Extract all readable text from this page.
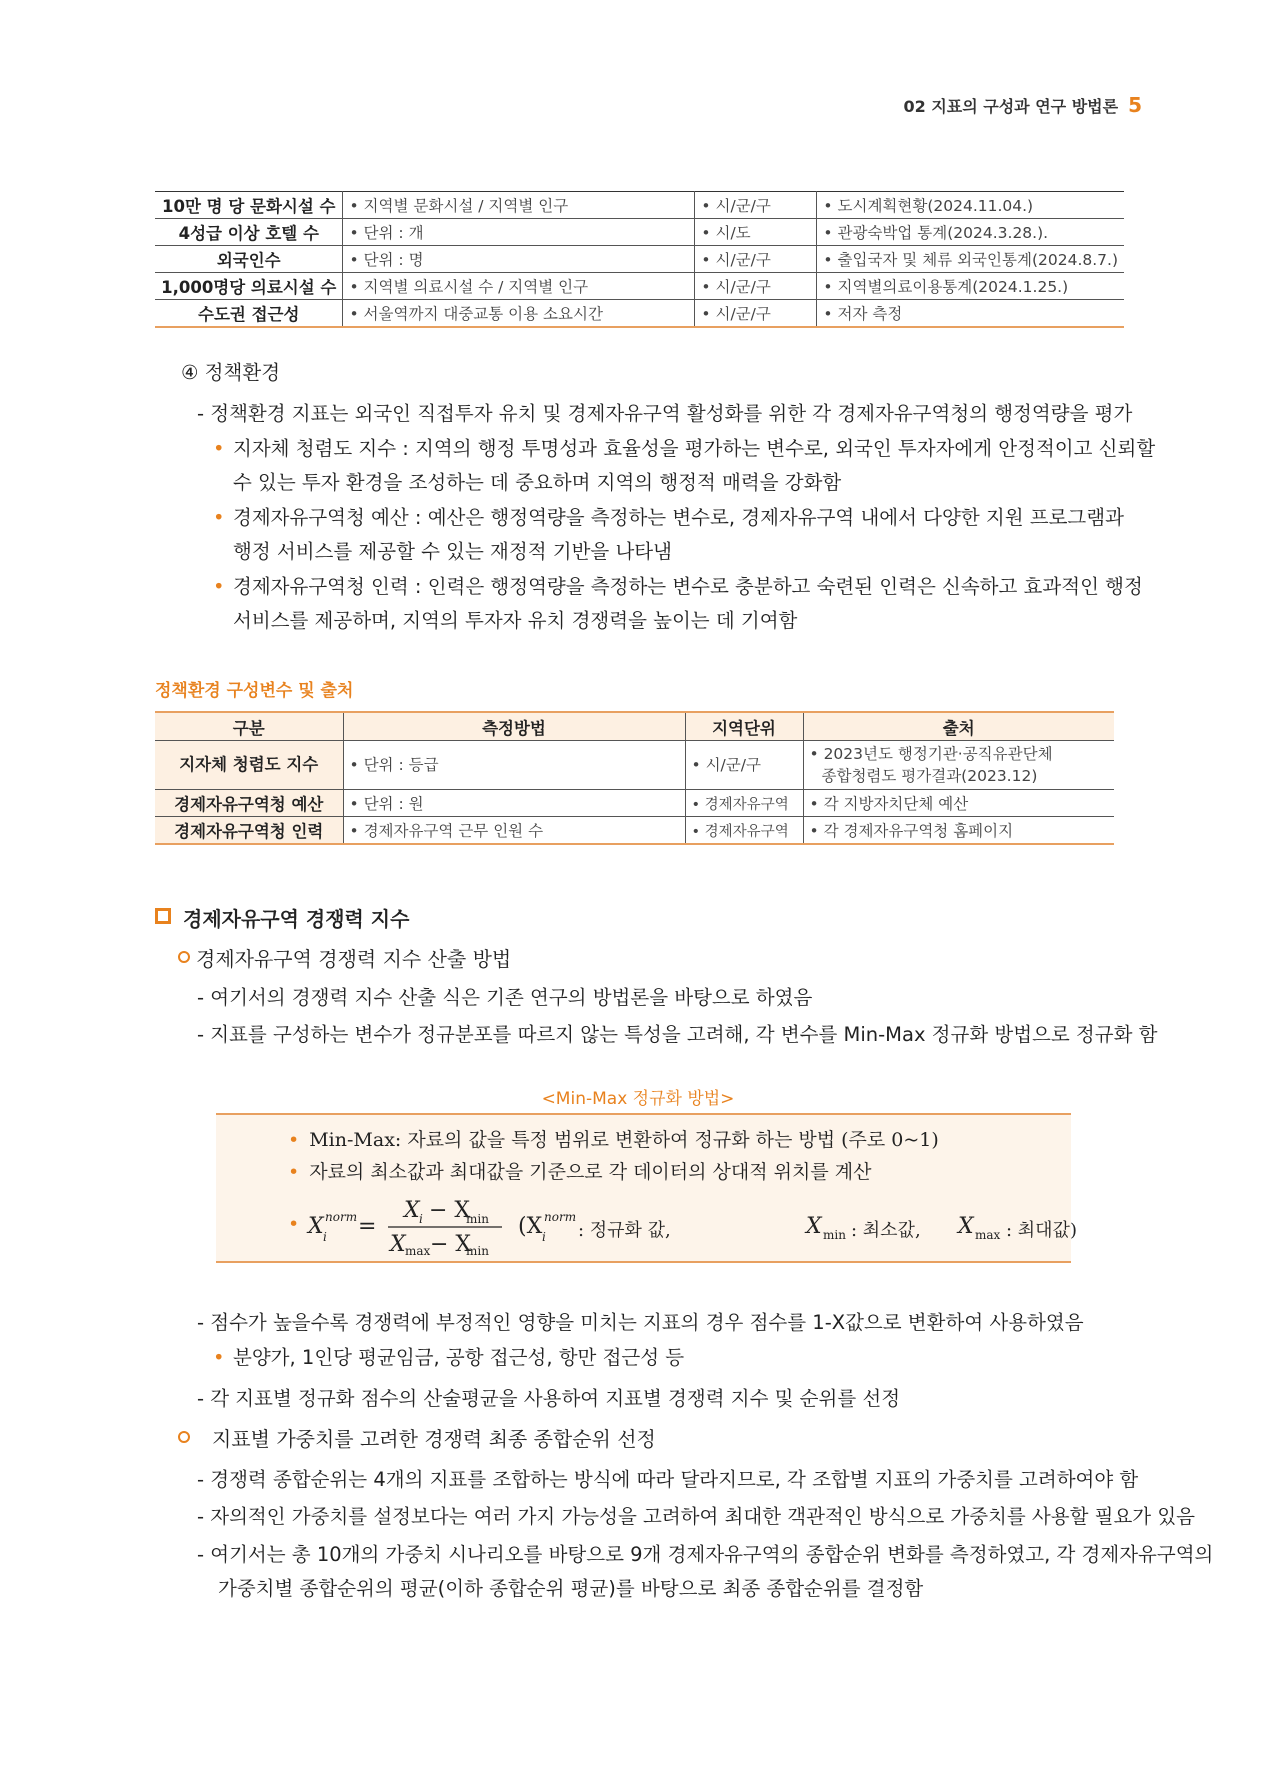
02 지표의 구성과 연구 방법론 5
10만 명 당 문화시설 수	• 지역별 문화시설 / 지역별 인구	• 시/군/구	• 도시계획현황(2024.11.04.)
4성급 이상 호텔 수	• 단위 : 개	• 시/도	• 관광숙박업 통계(2024.3.28.).
외국인수	• 단위 : 명	• 시/군/구	• 출입국자 및 체류 외국인통계(2024.8.7.)
1,000명당 의료시설 수	• 지역별 의료시설 수 / 지역별 인구	• 시/군/구	• 지역별의료이용통계(2024.1.25.)
수도권 접근성	• 서울역까지 대중교통 이용 소요시간	• 시/군/구	• 저자 측정
④ 정책환경
- 정책환경 지표는 외국인 직접투자 유치 및 경제자유구역 활성화를 위한 각 경제자유구역청의 행정역량을 평가
• 지자체 청렴도 지수 : 지역의 행정 투명성과 효율성을 평가하는 변수로, 외국인 투자자에게 안정적이고 신뢰할
수 있는 투자 환경을 조성하는 데 중요하며 지역의 행정적 매력을 강화함
• 경제자유구역청 예산 : 예산은 행정역량을 측정하는 변수로, 경제자유구역 내에서 다양한 지원 프로그램과
행정 서비스를 제공할 수 있는 재정적 기반을 나타냄
• 경제자유구역청 인력 : 인력은 행정역량을 측정하는 변수로 충분하고 숙련된 인력은 신속하고 효과적인 행정
서비스를 제공하며, 지역의 투자자 유치 경쟁력을 높이는 데 기여함
정책환경 구성변수 및 출처
구분	측정방법	지역단위	출처
지자체 청렴도 지수	• 단위 : 등급	• 시/군/구	• 2023년도 행정기관·공직유관단체
종합청렴도 평가결과(2023.12)

경제자유구역청 예산	• 단위 : 원	• 경제자유구역	• 각 지방자치단체 예산
경제자유구역청 인력	• 경제자유구역 근무 인원 수	• 경제자유구역	• 각 경제자유구역청 홈페이지
경제자유구역 경쟁력 지수
경제자유구역 경쟁력 지수 산출 방법
- 여기서의 경쟁력 지수 산출 식은 기존 연구의 방법론을 바탕으로 하였음
- 지표를 구성하는 변수가 정규분포를 따르지 않는 특성을 고려해, 각 변수를 Min-Max 정규화 방법으로 정규화 함
<Min-Max 정규화 방법>
• Min-Max: 자료의 값을 특정 범위로 변환하여 정규화 하는 방법 (주로 0~1)
• 자료의 최소값과 최대값을 기준으로 각 데이터의 상대적 위치를 계산
• X i
norm =
X i − X
min
X max − X
min
(X i
norm	X min	X max
: 정규화 값,	: 최소값,	: 최대값)
- 점수가 높을수록 경쟁력에 부정적인 영향을 미치는 지표의 경우 점수를 1-X값으로 변환하여 사용하였음
• 분양가, 1인당 평균임금, 공항 접근성, 항만 접근성 등
- 각 지표별 정규화 점수의 산술평균을 사용하여 지표별 경쟁력 지수 및 순위를 선정
지표별 가중치를 고려한 경쟁력 최종 종합순위 선정
- 경쟁력 종합순위는 4개의 지표를 조합하는 방식에 따라 달라지므로, 각 조합별 지표의 가중치를 고려하여야 함
- 자의적인 가중치를 설정보다는 여러 가지 가능성을 고려하여 최대한 객관적인 방식으로 가중치를 사용할 필요가 있음
- 여기서는 총 10개의 가중치 시나리오를 바탕으로 9개 경제자유구역의 종합순위 변화를 측정하였고, 각 경제자유구역의
가중치별 종합순위의 평균(이하 종합순위 평균)를 바탕으로 최종 종합순위를 결정함
